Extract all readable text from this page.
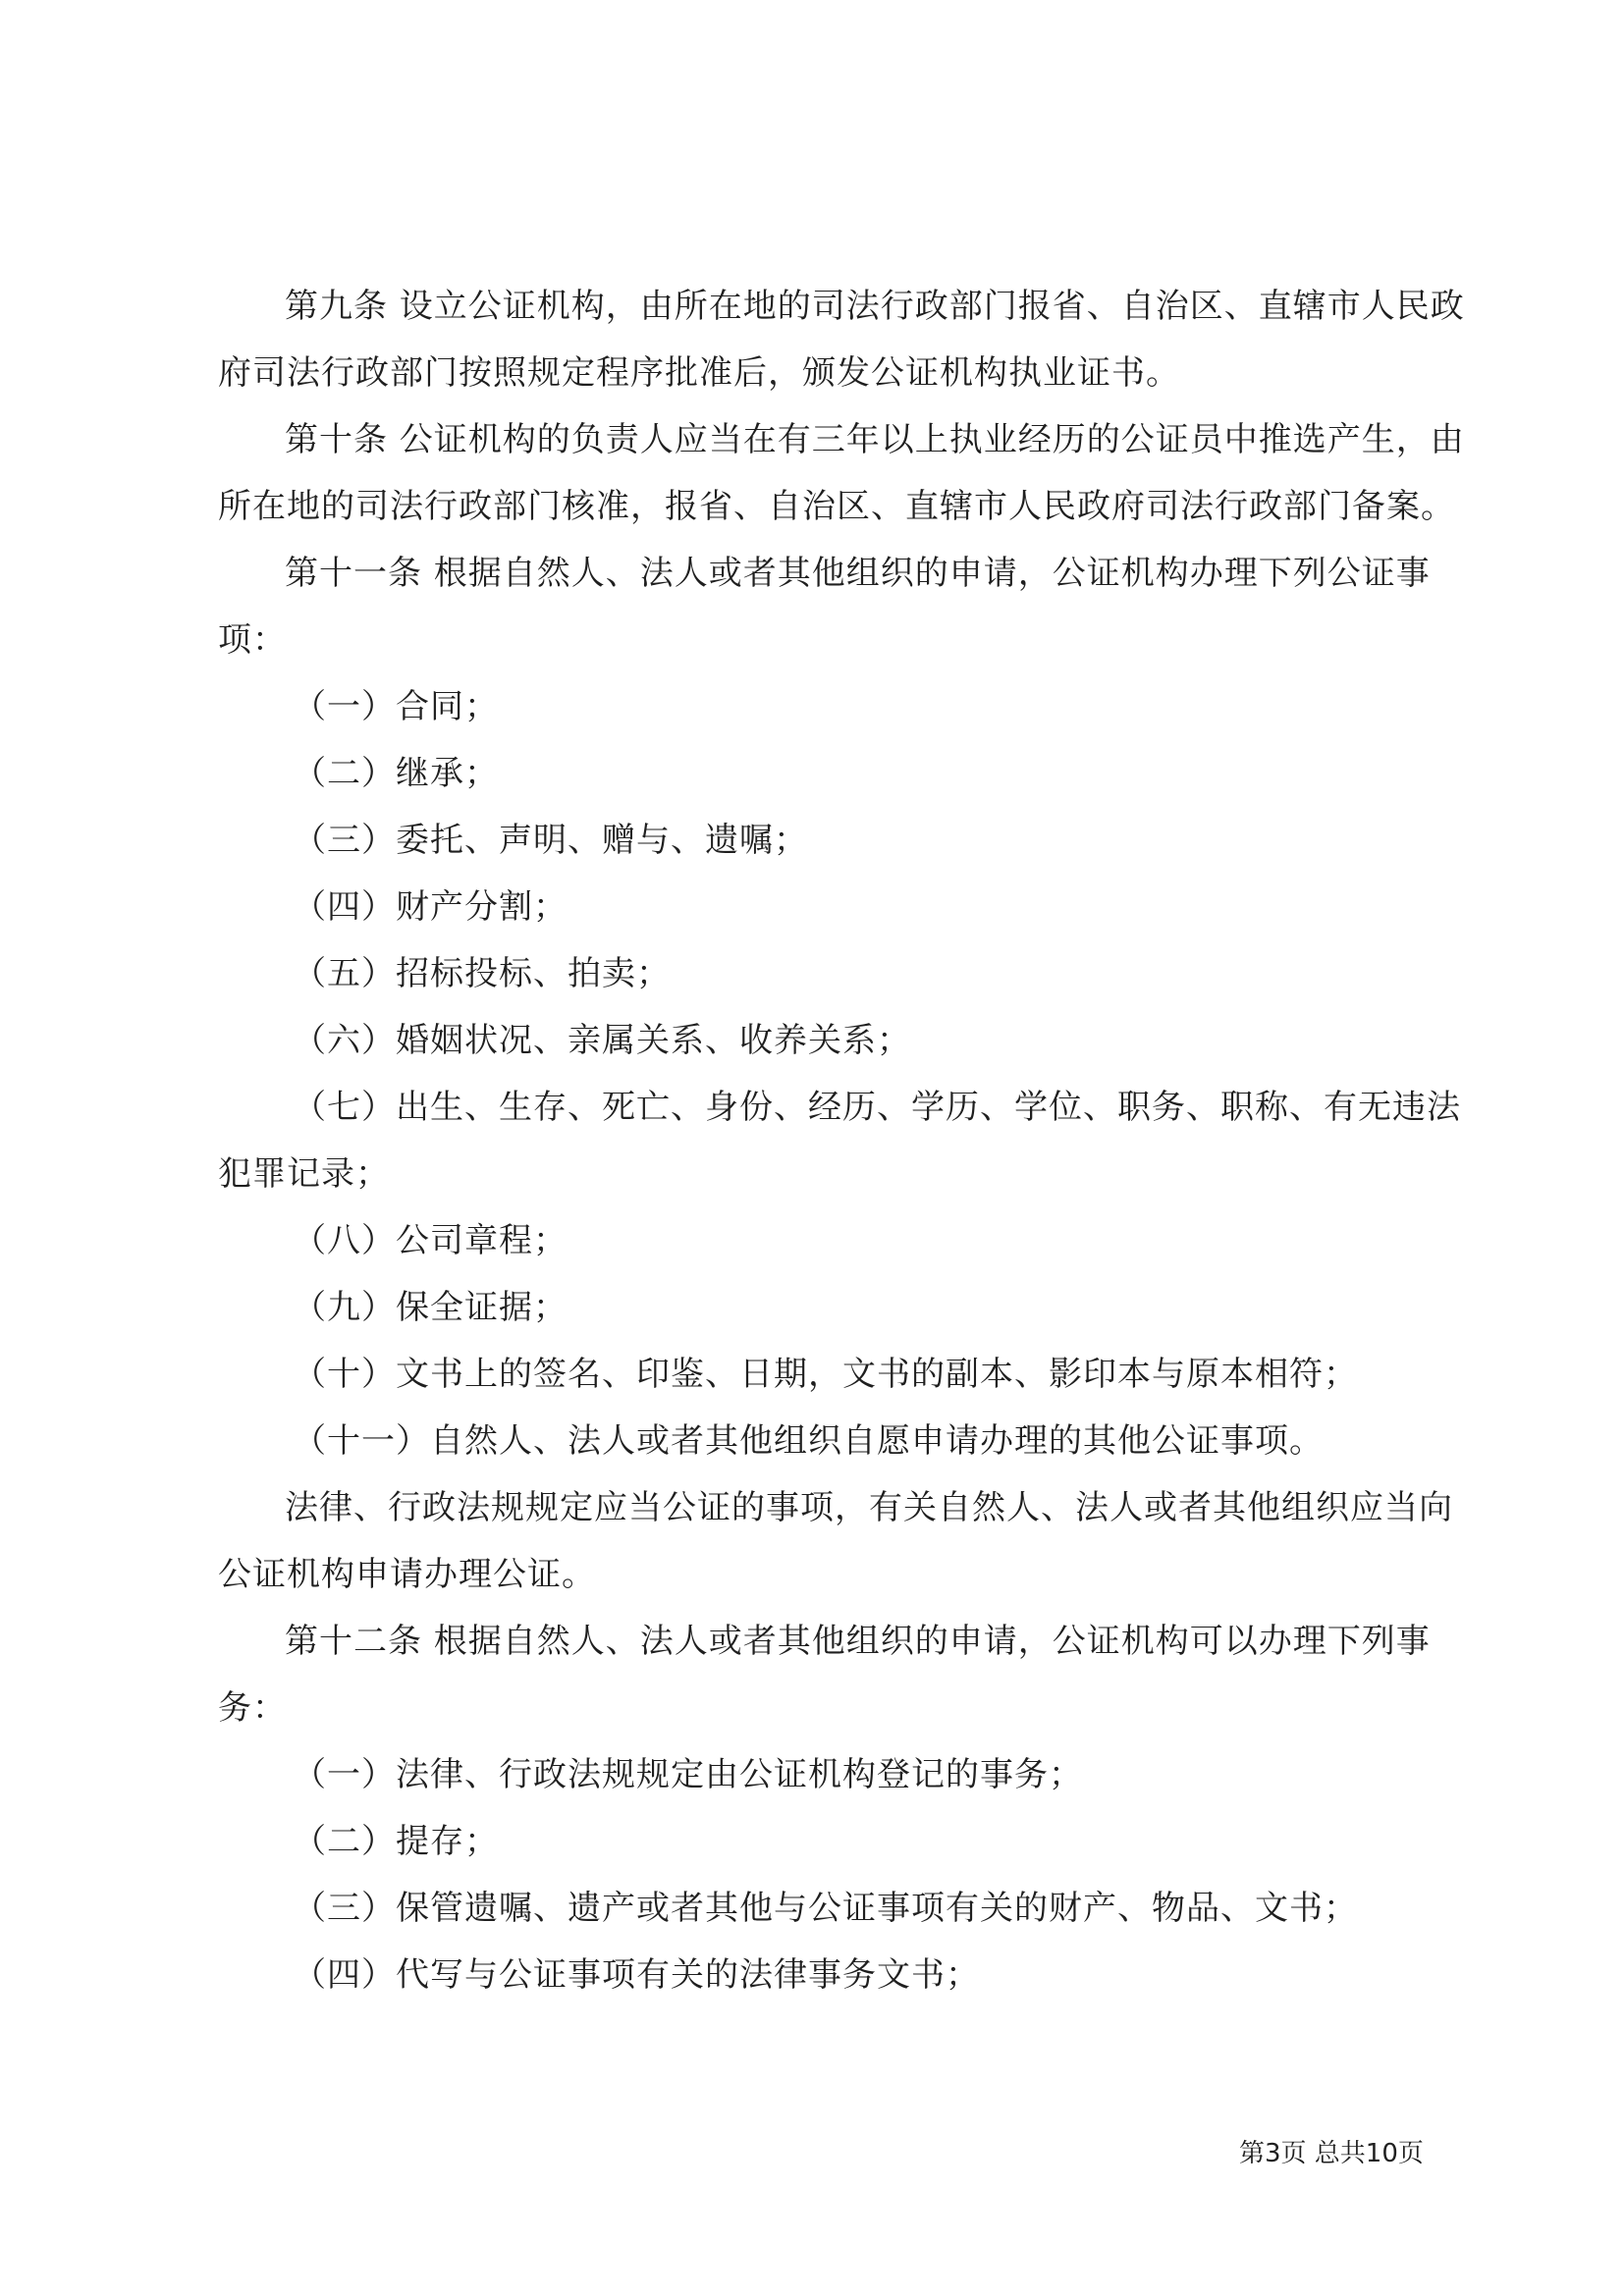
第九条 设立公证机构，由所在地的司法行政部门报省、自治区、直辖市人民政
府司法行政部门按照规定程序批准后，颁发公证机构执业证书。
第十条 公证机构的负责人应当在有三年以上执业经历的公证员中推选产生，由
所在地的司法行政部门核准，报省、自治区、直辖市人民政府司法行政部门备案。
第十一条 根据自然人、法人或者其他组织的申请，公证机构办理下列公证事
项：
（一）合同；
（二）继承；
（三）委托、声明、赠与、遗嘱；
（四）财产分割；
（五）招标投标、拍卖；
（六）婚姻状况、亲属关系、收养关系；
（七）出生、生存、死亡、身份、经历、学历、学位、职务、职称、有无违法
犯罪记录；
（八）公司章程；
（九）保全证据；
（十）文书上的签名、印鉴、日期，文书的副本、影印本与原本相符；
（十一）自然人、法人或者其他组织自愿申请办理的其他公证事项。
法律、行政法规规定应当公证的事项，有关自然人、法人或者其他组织应当向
公证机构申请办理公证。
第十二条 根据自然人、法人或者其他组织的申请，公证机构可以办理下列事
务：
（一）法律、行政法规规定由公证机构登记的事务；
（二）提存；
（三）保管遗嘱、遗产或者其他与公证事项有关的财产、物品、文书；
（四）代写与公证事项有关的法律事务文书；
第3页 总共10页
